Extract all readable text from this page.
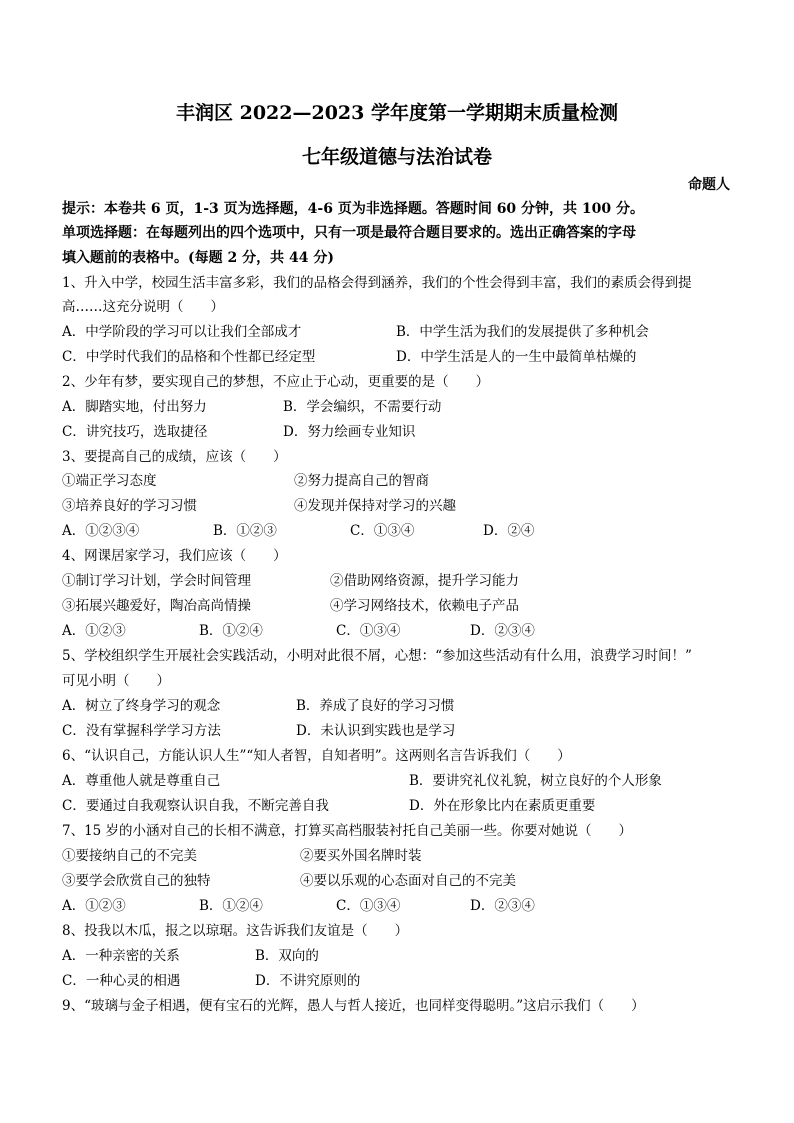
丰润区 2022—2023 学年度第一学期期末质量检测
七年级道德与法治试卷
命题人
提示：本卷共 6 页，1-3 页为选择题，4-6 页为非选择题。答题时间 60 分钟，共 100 分。
单项选择题：在每题列出的四个选项中，只有一项是最符合题目要求的。选出正确答案的字母
填入题前的表格中。(每题 2 分，共 44 分)
1、升入中学，校园生活丰富多彩，我们的品格会得到涵养，我们的个性会得到丰富，我们的素质会得到提
高……这充分说明（　　）
A．中学阶段的学习可以让我们全部成才	B．中学生活为我们的发展提供了多种机会
C．中学时代我们的品格和个性都已经定型	D．中学生活是人的一生中最简单枯燥的
2、少年有梦，要实现自己的梦想，不应止于心动，更重要的是（　　）
A．脚踏实地，付出努力	B．学会编织，不需要行动
C．讲究技巧，选取捷径	D．努力绘画专业知识
3、要提高自己的成绩，应该（　　）
①端正学习态度	②努力提高自己的智商
③培养良好的学习习惯	④发现并保持对学习的兴趣
A．①②③④	B．①②③	C．①③④	D．②④
4、网课居家学习，我们应该（　　）
①制订学习计划，学会时间管理	②借助网络资源，提升学习能力
③拓展兴趣爱好，陶冶高尚情操	④学习网络技术，依赖电子产品
A．①②③	B．①②④	C．①③④	D．②③④
5、学校组织学生开展社会实践活动，小明对此很不屑，心想：“参加这些活动有什么用，浪费学习时间！”
可见小明（　　）
A．树立了终身学习的观念	B．养成了良好的学习习惯
C．没有掌握科学学习方法	D．未认识到实践也是学习
6、“认识自己，方能认识人生”“知人者智，自知者明”。这两则名言告诉我们（　　）
A．尊重他人就是尊重自己	B．要讲究礼仪礼貌，树立良好的个人形象
C．要通过自我观察认识自我，不断完善自我	D．外在形象比内在素质更重要
7、15 岁的小涵对自己的长相不满意，打算买高档服装衬托自己美丽一些。你要对她说（　　）
①要接纳自己的不完美	②要买外国名牌时装
③要学会欣赏自己的独特	④要以乐观的心态面对自己的不完美
A．①②③	B．①②④	C．①③④	D．②③④
8、投我以木瓜，报之以琼琚。这告诉我们友谊是（　　）
A．一种亲密的关系	B．双向的
C．一种心灵的相遇	D．不讲究原则的
9、“玻璃与金子相遇，便有宝石的光辉，愚人与哲人接近，也同样变得聪明。”这启示我们（　　）
